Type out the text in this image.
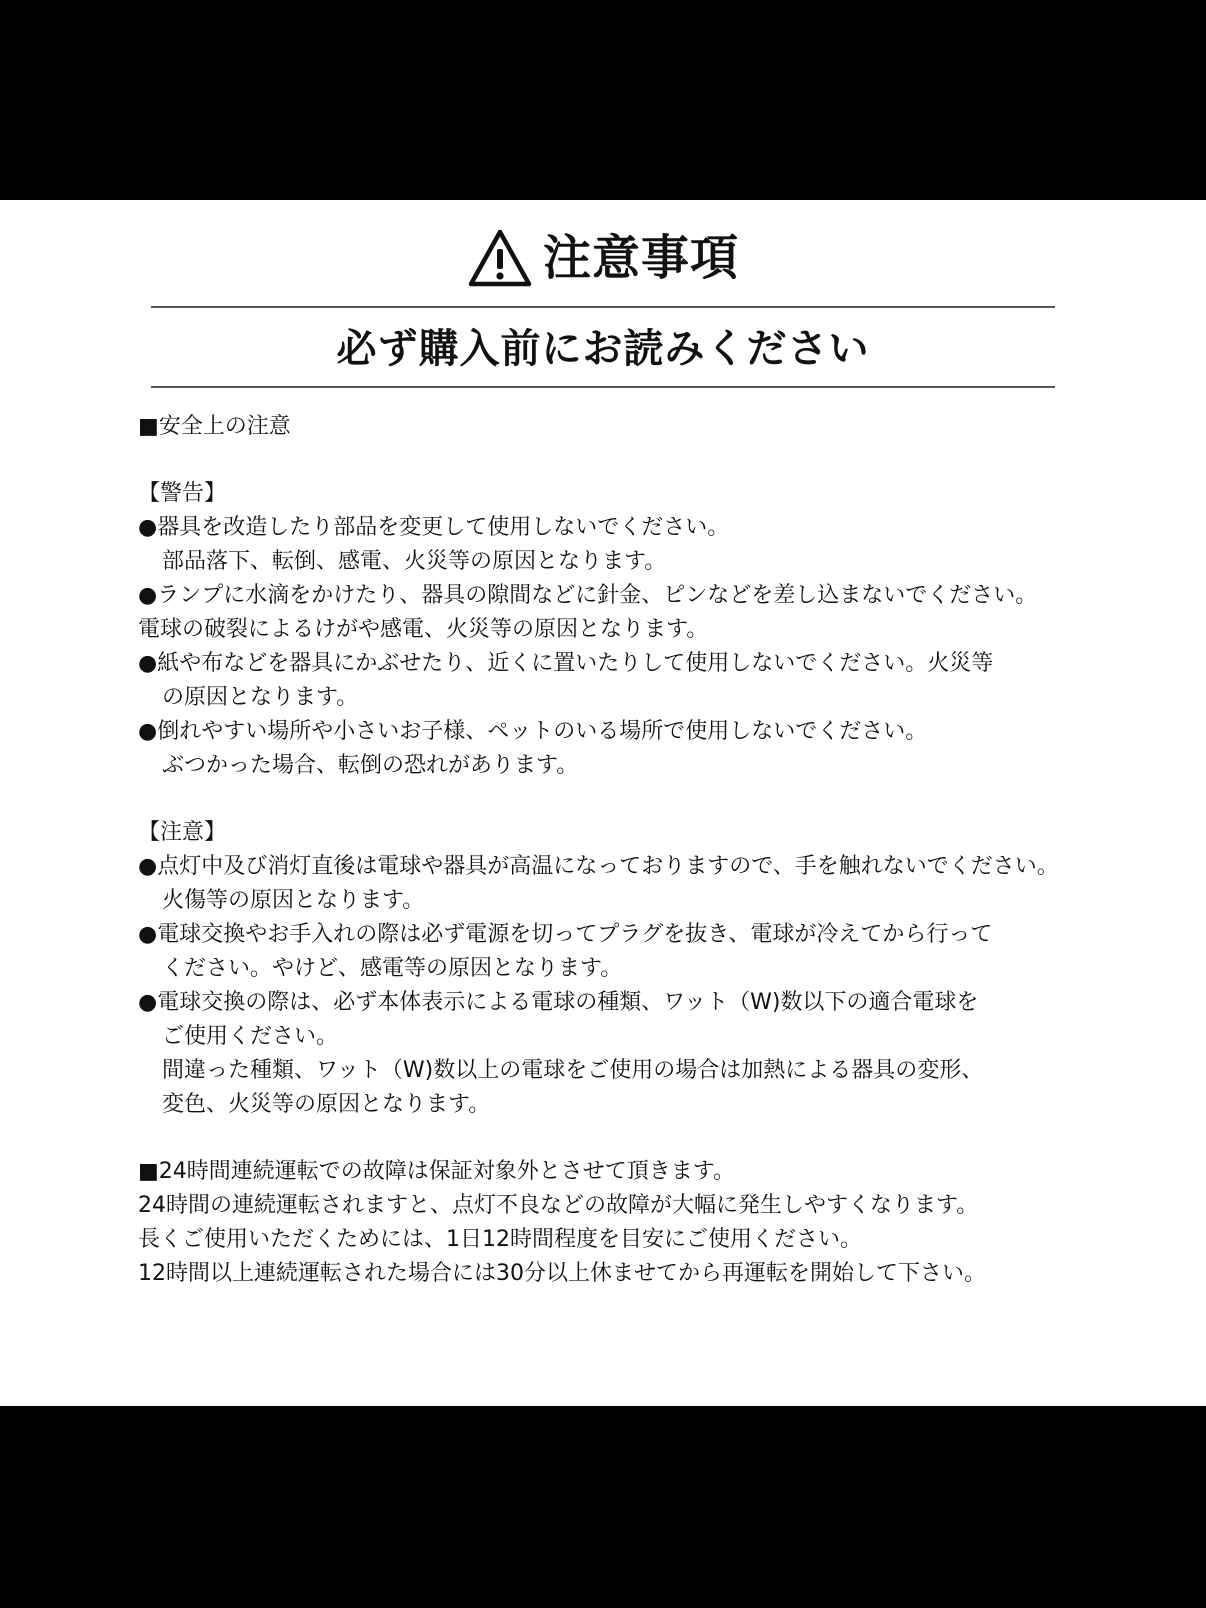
注意事項
必ず購入前にお読みください
■安全上の注意
【警告】
●器具を改造したり部品を変更して使用しないでください。
部品落下、転倒、感電、火災等の原因となります。
●ランプに水滴をかけたり、器具の隙間などに針金、ピンなどを差し込まないでください。
電球の破裂によるけがや感電、火災等の原因となります。
●紙や布などを器具にかぶせたり、近くに置いたりして使用しないでください。火災等
の原因となります。
●倒れやすい場所や小さいお子様、ペットのいる場所で使用しないでください。
ぶつかった場合、転倒の恐れがあります。
【注意】
●点灯中及び消灯直後は電球や器具が高温になっておりますので、手を触れないでください。
火傷等の原因となります。
●電球交換やお手入れの際は必ず電源を切ってプラグを抜き、電球が冷えてから行って
ください。やけど、感電等の原因となります。
●電球交換の際は、必ず本体表示による電球の種類、ワット（W)数以下の適合電球を
ご使用ください。
間違った種類、ワット（W)数以上の電球をご使用の場合は加熱による器具の変形、
変色、火災等の原因となります。
■24時間連続運転での故障は保証対象外とさせて頂きます。
24時間の連続運転されますと、点灯不良などの故障が大幅に発生しやすくなります。
長くご使用いただくためには、1日12時間程度を目安にご使用ください。
12時間以上連続運転された場合には30分以上休ませてから再運転を開始して下さい。
